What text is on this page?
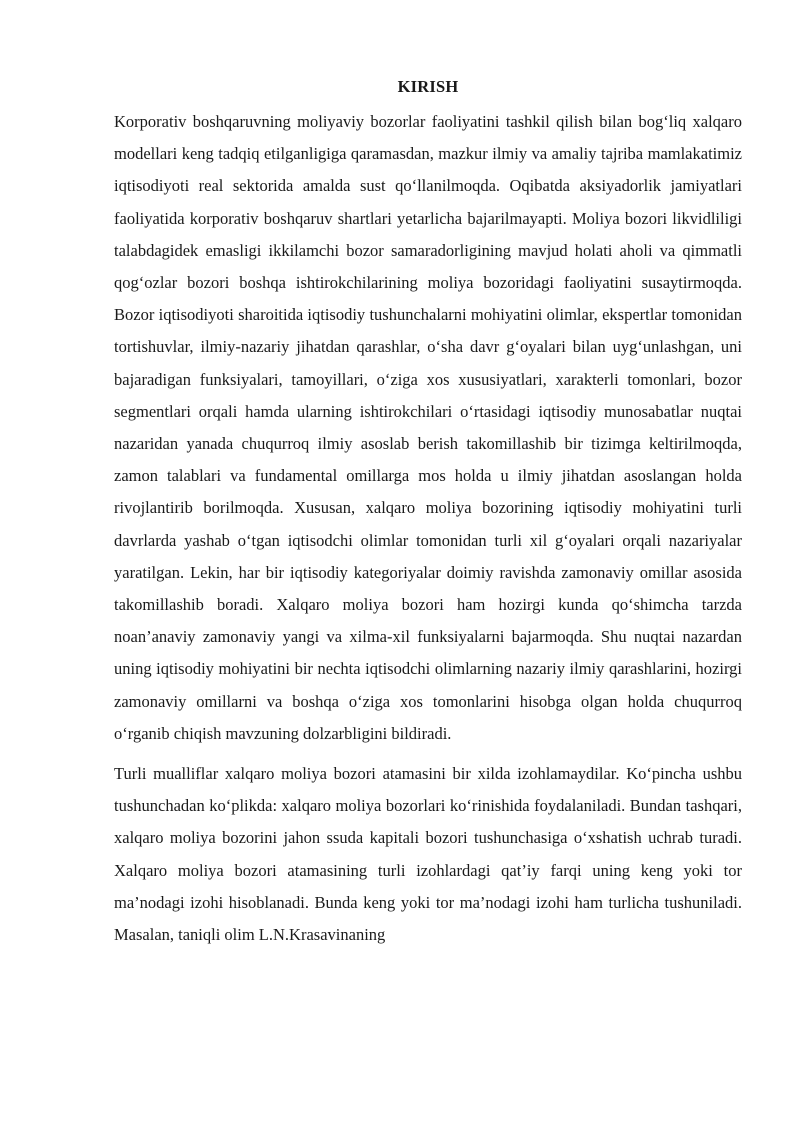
KIRISH

Korporativ boshqaruvning moliyaviy bozorlar faoliyatini tashkil qilish bilan bog‘liq xalqaro modellari keng tadqiq etilganligiga qaramasdan, mazkur ilmiy va amaliy tajriba mamlakatimiz iqtisodiyoti real sektorida amalda sust qo‘llanilmoqda. Oqibatda aksiyadorlik jamiyatlari faoliyatida korporativ boshqaruv shartlari yetarlicha bajarilmayapti. Moliya bozori likvidliligi talabdagidek emasligi ikkilamchi bozor samaradorligining mavjud holati aholi va qimmatli qog‘ozlar bozori boshqa ishtirokchilarining moliya bozoridagi faoliyatini susaytirmoqda. Bozor iqtisodiyoti sharoitida iqtisodiy tushunchalarni mohiyatini olimlar, ekspertlar tomonidan tortishuvlar, ilmiy-nazariy jihatdan qarashlar, o‘sha davr g‘oyalari bilan uyg‘unlashgan, uni bajaradigan funksiyalari, tamoyillari, o‘ziga xos xususiyatlari, xarakterli tomonlari, bozor segmentlari orqali hamda ularning ishtirokchilari o‘rtasidagi iqtisodiy munosabatlar nuqtai nazaridan yanada chuqurroq ilmiy asoslab berish takomillashib bir tizimga keltirilmoqda, zamon talablari va fundamental omillarga mos holda u ilmiy jihatdan asoslangan holda rivojlantirib borilmoqda. Xususan, xalqaro moliya bozorining iqtisodiy mohiyatini turli davrlarda yashab o‘tgan iqtisodchi olimlar tomonidan turli xil g‘oyalari orqali nazariyalar yaratilgan. Lekin, har bir iqtisodiy kategoriyalar doimiy ravishda zamonaviy omillar asosida takomillashib boradi. Xalqaro moliya bozori ham hozirgi kunda qo‘shimcha tarzda noan’anaviy zamonaviy yangi va xilma-xil funksiyalarni bajarmoqda. Shu nuqtai nazardan uning iqtisodiy mohiyatini bir nechta iqtisodchi olimlarning nazariy ilmiy qarashlarini, hozirgi zamonaviy omillarni va boshqa o‘ziga xos tomonlarini hisobga olgan holda chuqurroq o‘rganib chiqish mavzuning dolzarbligini bildiradi.

Turli mualliflar xalqaro moliya bozori atamasini bir xilda izohlamaydilar. Ko‘pincha ushbu tushunchadan ko‘plikda: xalqaro moliya bozorlari ko‘rinishida foydalaniladi. Bundan tashqari, xalqaro moliya bozorini jahon ssuda kapitali bozori tushunchasiga o‘xshatish uchrab turadi. Xalqaro moliya bozori atamasining turli izohlardagi qat’iy farqi uning keng yoki tor ma’nodagi izohi hisoblanadi. Bunda keng yoki tor ma’nodagi izohi ham turlicha tushuniladi. Masalan, taniqli olim L.N.Krasavinaning
